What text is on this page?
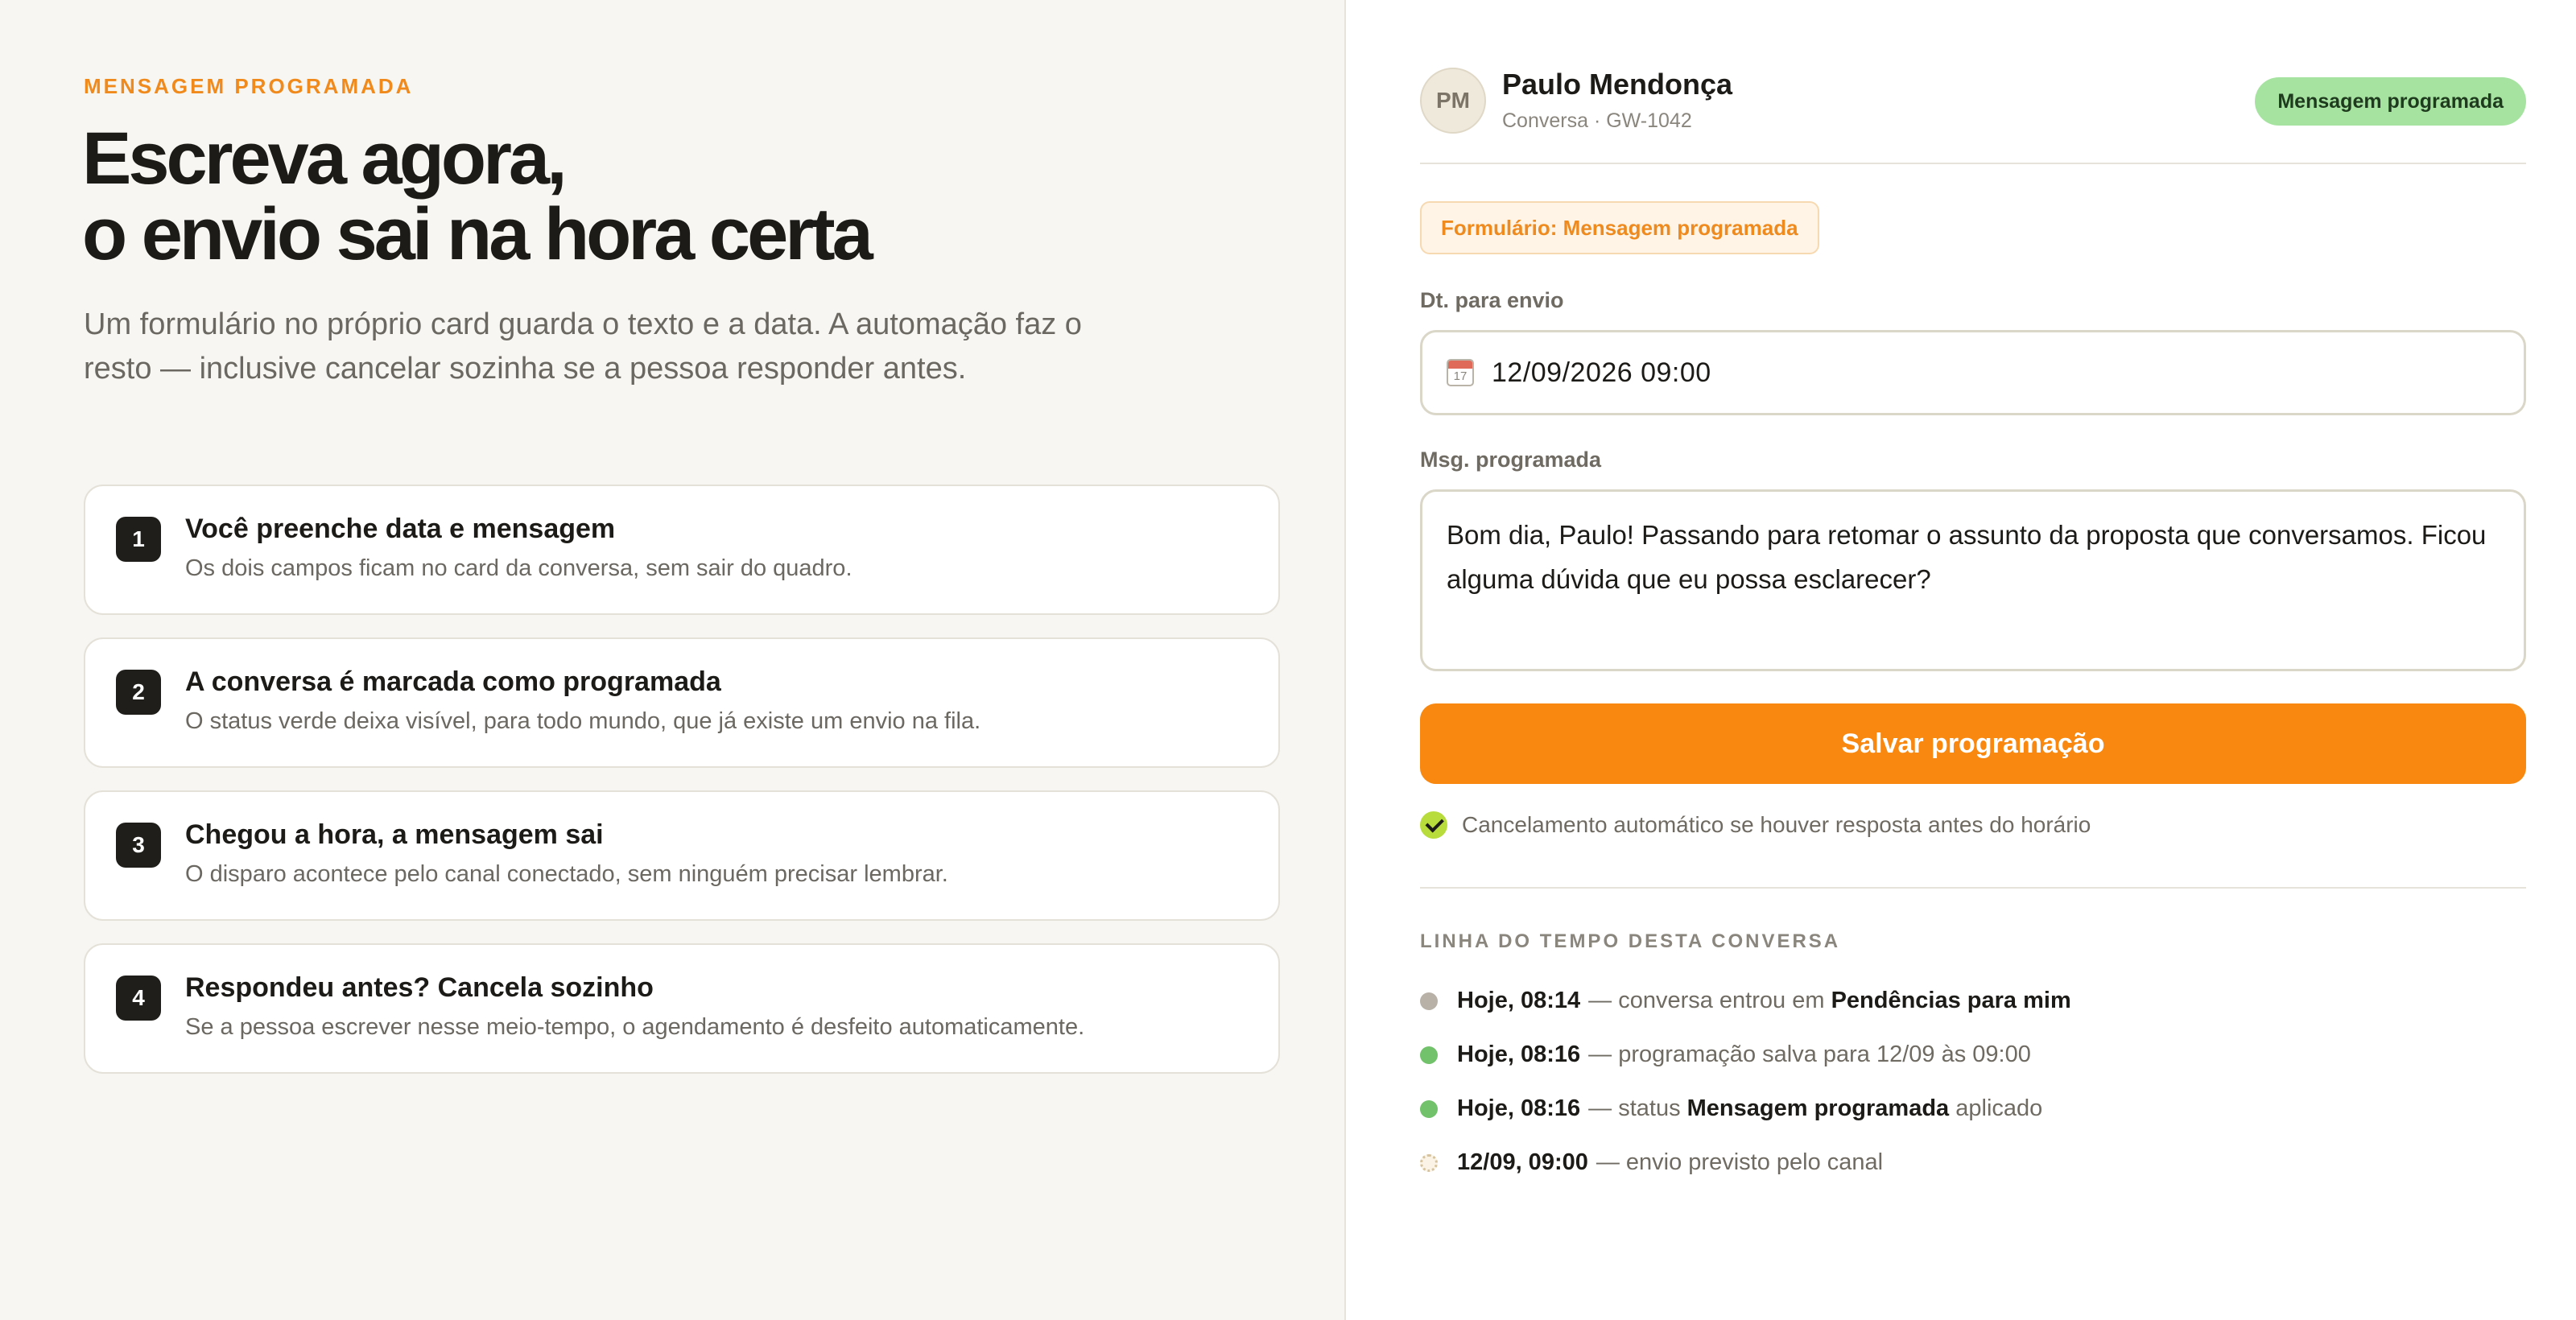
MENSAGEM PROGRAMADA
Escreva agora,
o envio sai na hora certa

Um formulário no próprio card guarda o texto e a data. A automação faz o resto — inclusive cancelar sozinha se a pessoa responder antes.

1	Você preenche data e mensagem
Os dois campos ficam no card da conversa, sem sair do quadro.
2	A conversa é marcada como programada
O status verde deixa visível, para todo mundo, que já existe um envio na fila.
3	Chegou a hora, a mensagem sai
O disparo acontece pelo canal conectado, sem ninguém precisar lembrar.
4	Respondeu antes? Cancela sozinho
Se a pessoa escrever nesse meio-tempo, o agendamento é desfeito automaticamente.
PM	Paulo Mendonça
Conversa · GW-1042
Mensagem programada
Formulário: Mensagem programada
Dt. para envio
17
12/09/2026 09:00
Msg. programada
Bom dia, Paulo! Passando para retomar o assunto da proposta que conversamos. Ficou alguma dúvida que eu possa esclarecer?
Salvar programação
Cancelamento automático se houver resposta antes do horário
LINHA DO TEMPO DESTA CONVERSA
Hoje, 08:14 — conversa entrou em Pendências para mim
Hoje, 08:16 — programação salva para 12/09 às 09:00
Hoje, 08:16 — status Mensagem programada aplicado
12/09, 09:00 — envio previsto pelo canal
